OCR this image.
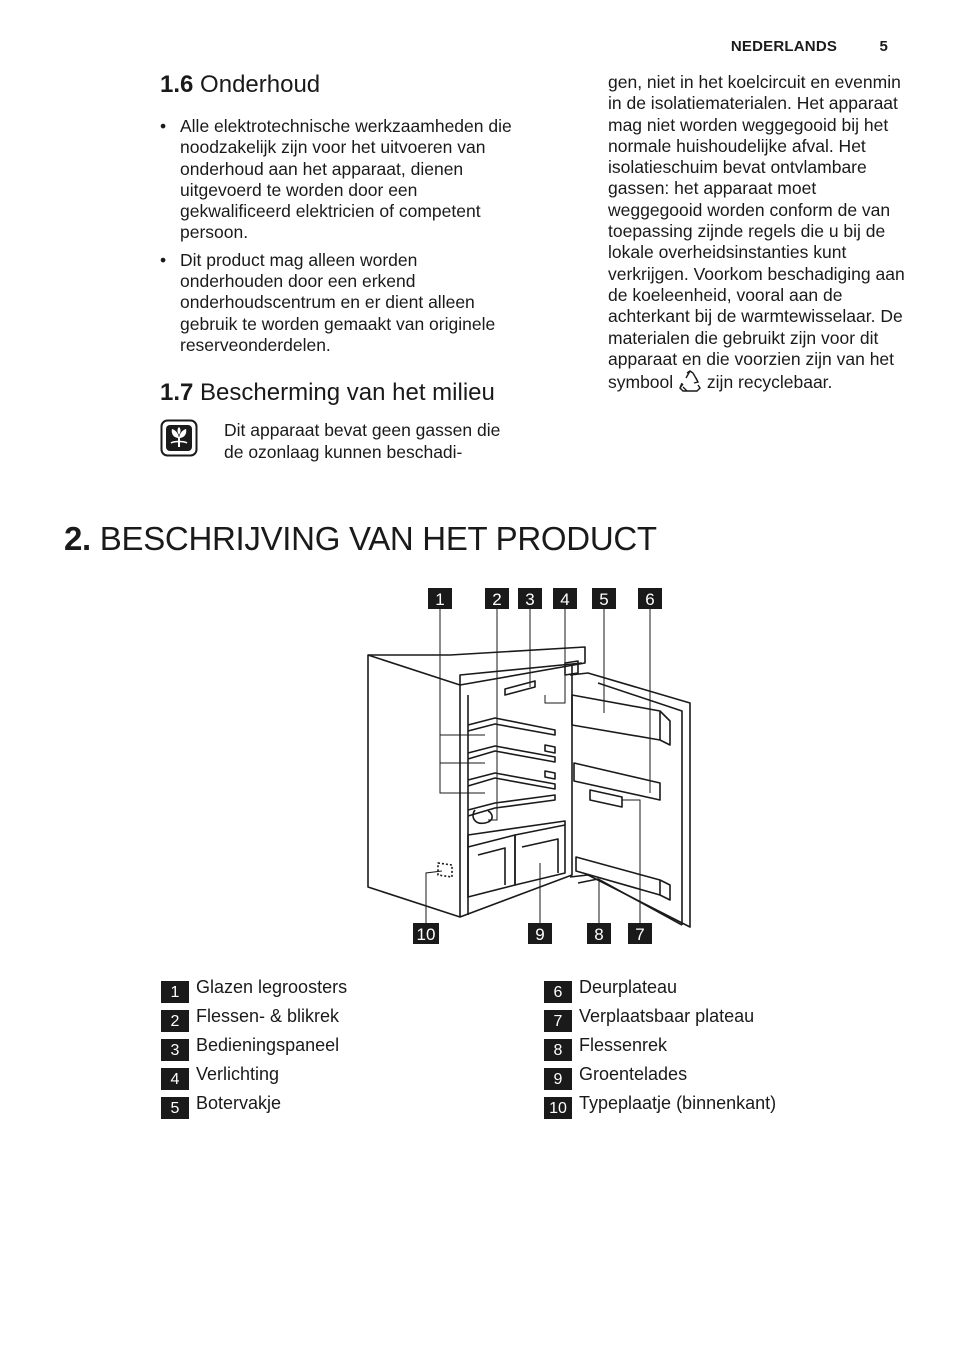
NEDERLANDS	5
1.6 Onderhoud
• Alle elektrotechnische werkzaamheden die noodzakelijk zijn voor het uitvoeren van onderhoud aan het apparaat, dienen uitgevoerd te worden door een gekwalificeerd elektricien of competent persoon.
• Dit product mag alleen worden onderhouden door een erkend onderhoudscentrum en er dient alleen gebruik te worden gemaakt van originele reserveonderdelen.
1.7 Bescherming van het milieu
Dit apparaat bevat geen gassen die de ozonlaag kunnen beschadi-
gen, niet in het koelcircuit en evenmin in de isolatiematerialen. Het apparaat mag niet worden weggegooid bij het normale huishoudelijke afval. Het isolatieschuim bevat ontvlambare gassen: het apparaat moet weggegooid worden conform de van toepassing zijnde regels die u bij de lokale overheidsinstanties kunt verkrijgen. Voorkom beschadiging aan de koeleenheid, vooral aan de achterkant bij de warmtewisselaar. De materialen die gebruikt zijn voor dit apparaat en die voorzien zijn van het symbool zijn recyclebaar.
2. BESCHRIJVING VAN HET PRODUCT
1	2 3 4 5 6
10	9	8 7
1 Glazen legroosters
2 Flessen- & blikrek
3 Bedieningspaneel
4 Verlichting
5 Botervakje
6 Deurplateau
7 Verplaatsbaar plateau
8 Flessenrek
9 Groentelades
10 Typeplaatje (binnenkant)
